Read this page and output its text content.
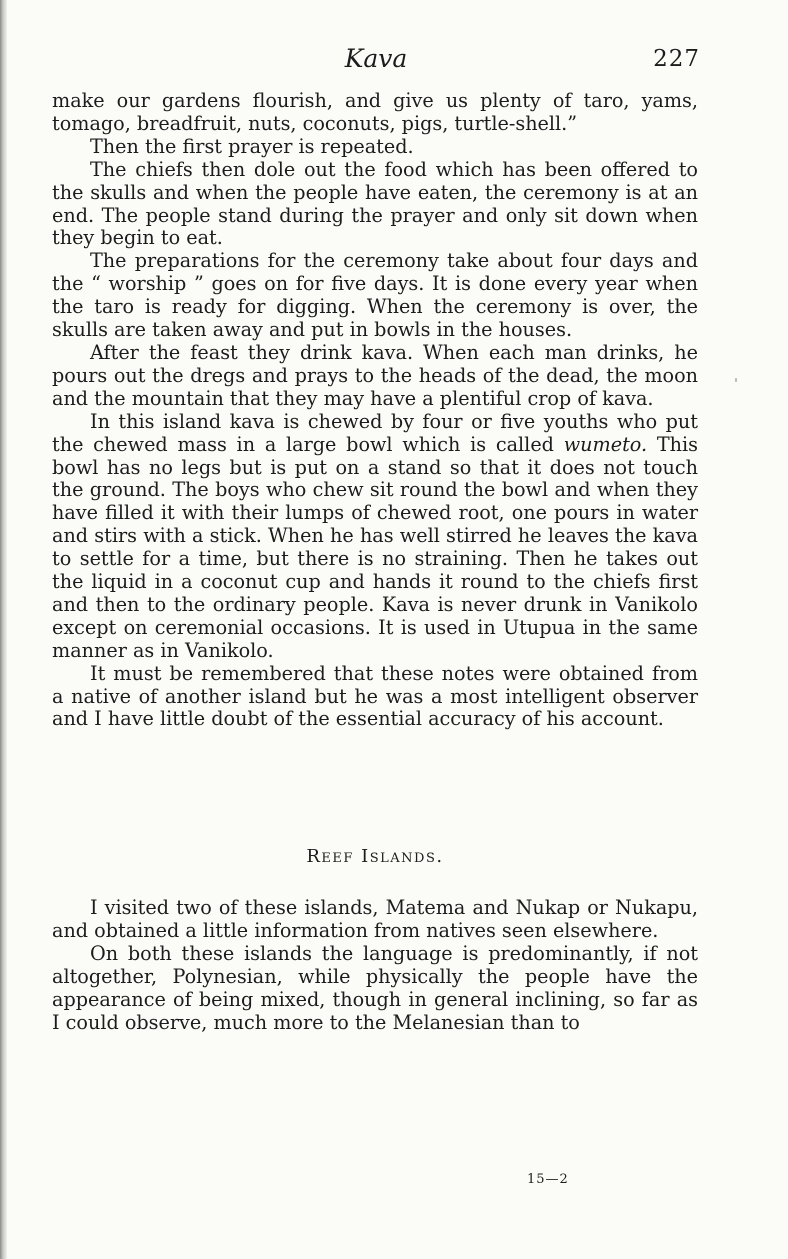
Kava	227

make our gardens flourish, and give us plenty of taro, yams, tomago, breadfruit, nuts, coconuts, pigs, turtle-shell.”

Then the first prayer is repeated.

The chiefs then dole out the food which has been offered to the skulls and when the people have eaten, the ceremony is at an end. The people stand during the prayer and only sit down when they begin to eat.

The preparations for the ceremony take about four days and the “ worship ” goes on for five days. It is done every year when the taro is ready for digging. When the ceremony is over, the skulls are taken away and put in bowls in the houses.

After the feast they drink kava. When each man drinks, he pours out the dregs and prays to the heads of the dead, the moon and the mountain that they may have a plentiful crop of kava.

In this island kava is chewed by four or five youths who put the chewed mass in a large bowl which is called wumeto. This bowl has no legs but is put on a stand so that it does not touch the ground. The boys who chew sit round the bowl and when they have filled it with their lumps of chewed root, one pours in water and stirs with a stick. When he has well stirred he leaves the kava to settle for a time, but there is no straining. Then he takes out the liquid in a coconut cup and hands it round to the chiefs first and then to the ordinary people. Kava is never drunk in Vanikolo except on ceremonial occasions. It is used in Utupua in the same manner as in Vanikolo.

It must be remembered that these notes were obtained from a native of another island but he was a most intelligent observer and I have little doubt of the essential accuracy of his account.

Reef Islands.

I visited two of these islands, Matema and Nukap or Nukapu, and obtained a little information from natives seen elsewhere.

On both these islands the language is predominantly, if not altogether, Polynesian, while physically the people have the appearance of being mixed, though in general inclining, so far as I could observe, much more to the Melanesian than to

15—2
